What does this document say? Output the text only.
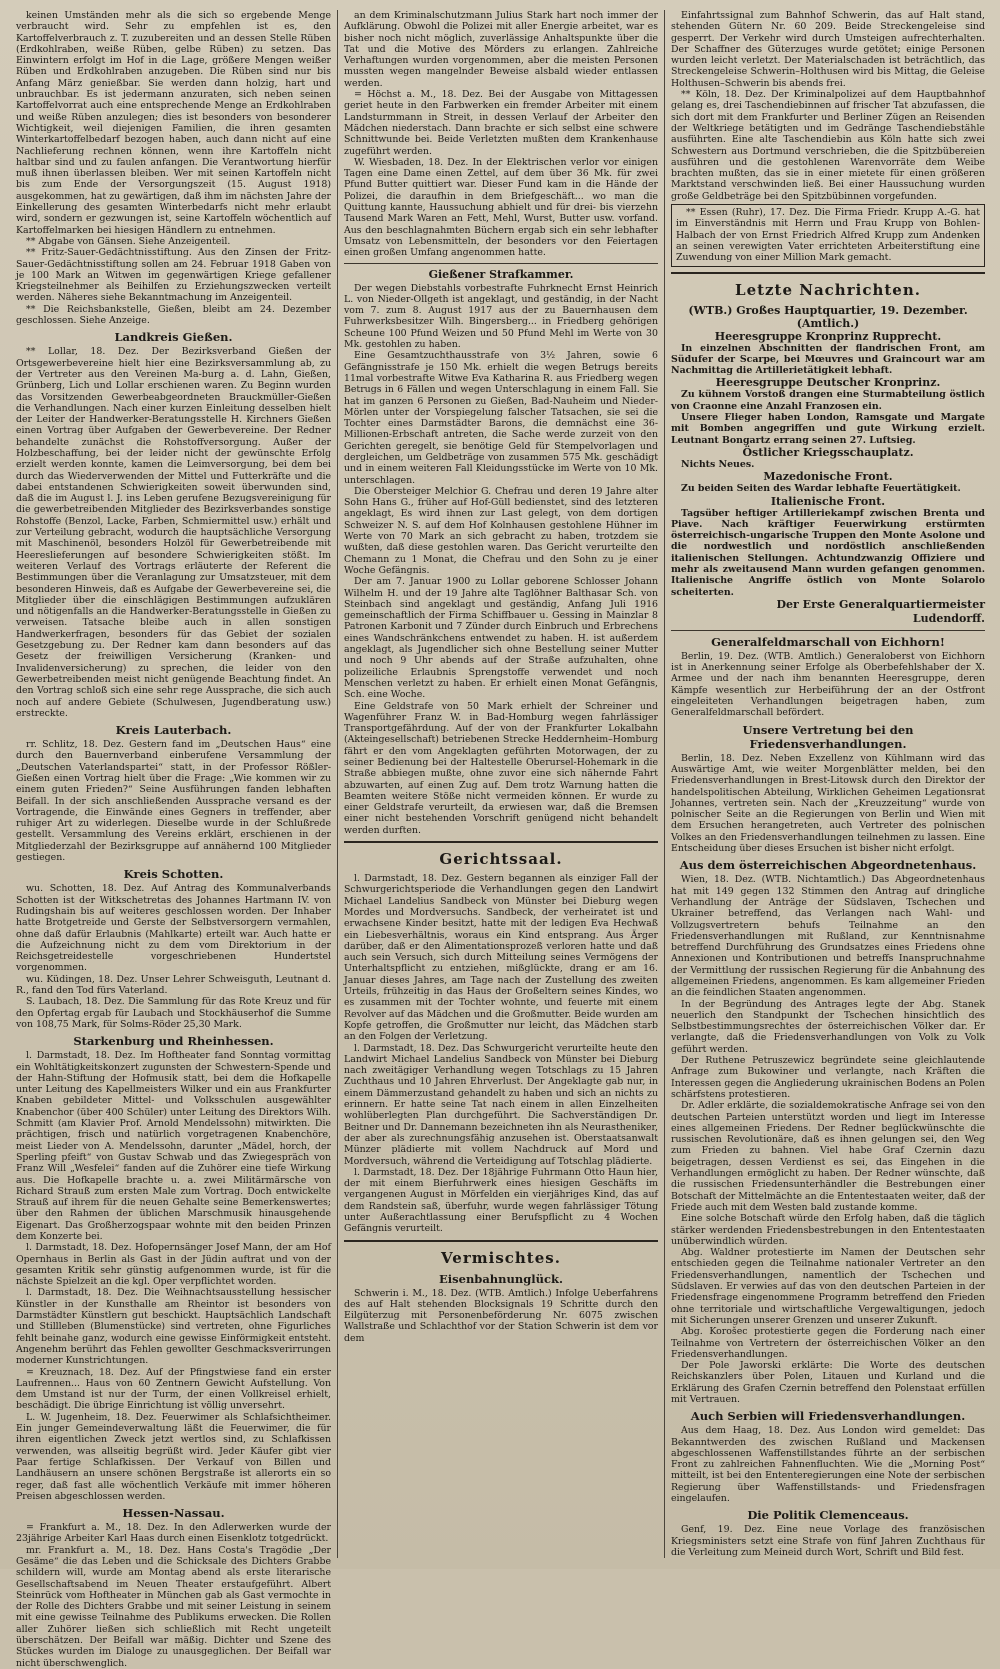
keinen Umständen mehr als die sich so ergebende Menge verbraucht wird. Sehr zu empfehlen ist es, den Kartoffelverbrauch z. T. zuzubereiten und an dessen Stelle Rüben (Erdkohlraben, weiße Rüben, gelbe Rüben) zu setzen. Das Einwintern erfolgt im Hof in die Lage, größere Mengen weißer Rüben und Erdkohlraben anzugeben. Die Rüben sind nur bis Anfang März genießbar. Sie werden dann holzig, hart und unbrauchbar. Es ist jedermann anzuraten, sich neben seinen Kartoffelvorrat auch eine entsprechende Menge an Erdkohlraben und weiße Rüben anzulegen; dies ist besonders von besonderer Wichtigkeit, weil diejenigen Familien, die ihren gesamten Winterkartoffelbedarf bezogen haben, auch dann nicht auf eine Nachlieferung rechnen können, wenn ihre Kartoffeln nicht haltbar sind und zu faulen anfangen. Die Verantwortung hierfür muß ihnen überlassen bleiben. Wer mit seinen Kartoffeln nicht bis zum Ende der Versorgungszeit (15. August 1918) ausgekommen, hat zu gewärtigen, daß ihm im nächsten Jahre der Einkellerung des gesamten Winterbedarfs nicht mehr erlaubt wird, sondern er gezwungen ist, seine Kartoffeln wöchentlich auf Kartoffelmarken bei hiesigen Händlern zu entnehmen.

** Abgabe von Gänsen. Siehe Anzeigenteil.

** Fritz-Sauer-Gedächtnisstiftung. Aus den Zinsen der Fritz-Sauer-Gedächtnisstiftung sollen am 24. Februar 1918 Gaben von je 100 Mark an Witwen im gegenwärtigen Kriege gefallener Kriegsteilnehmer als Beihilfen zu Erziehungszwecken verteilt werden. Näheres siehe Bekanntmachung im Anzeigenteil.

** Die Reichsbankstelle, Gießen, bleibt am 24. Dezember geschlossen. Siehe Anzeige.

Landkreis Gießen.

** Lollar, 18. Dez. Der Bezirksverband Gießen der Ortsgewerbevereine hielt hier eine Bezirksversammlung ab, zu der Vertreter aus den Vereinen Ma-burg a. d. Lahn, Gießen, Grünberg, Lich und Lollar erschienen waren. Zu Beginn wurden das Vorsitzenden Gewerbeabgeordneten Brauckmüller-Gießen die Verhandlungen. Nach einer kurzen Einleitung desselben hielt der Leiter der Handwerker-Beratungsstelle H. Kirchners Gießen einen Vortrag über Aufgaben der Gewerbevereine. Der Redner behandelte zunächst die Rohstoffversorgung. Außer der Holzbeschaffung, bei der leider nicht der gewünschte Erfolg erzielt werden konnte, kamen die Leimversorgung, bei dem bei durch das Wiederverwenden der Mittel und Futterkräfte und die dabei entstandenen Schwierigkeiten soweit überwunden sind, daß die im August l. J. ins Leben gerufene Bezugsvereinigung für die gewerbetreibenden Mitglieder des Bezirksverbandes sonstige Rohstoffe (Benzol, Lacke, Farben, Schmiermittel usw.) erhält und zur Verteilung gebracht, wodurch die hauptsächliche Versorgung mit Maschinenöl, besonders Holzöl für Gewerbetreibende mit Heereslieferungen auf besondere Schwierigkeiten stößt. Im weiteren Verlauf des Vortrags erläuterte der Referent die Bestimmungen über die Veranlagung zur Umsatzsteuer, mit dem besonderen Hinweis, daß es Aufgabe der Gewerbevereine sei, die Mitglieder über die einschlägigen Bestimmungen aufzuklären und nötigenfalls an die Handwerker-Beratungsstelle in Gießen zu verweisen. Tatsache bleibe auch in allen sonstigen Handwerkerfragen, besonders für das Gebiet der sozialen Gesetzgebung zu. Der Redner kam dann besonders auf das Gesetz der freiwilligen Versicherung (Kranken- und Invalidenversicherung) zu sprechen, die leider von den Gewerbetreibenden meist nicht genügende Beachtung findet. An den Vortrag schloß sich eine sehr rege Aussprache, die sich auch noch auf andere Gebiete (Schulwesen, Jugendberatung usw.) erstreckte.

Kreis Lauterbach.

rr. Schlitz, 18. Dez. Gestern fand im „Deutschen Haus“ eine durch den Bauernverband einberufene Versammlung der „Deutschen Vaterlandspartei“ statt, in der Professor Rößler-Gießen einen Vortrag hielt über die Frage: „Wie kommen wir zu einem guten Frieden?“ Seine Ausführungen fanden lebhaften Beifall. In der sich anschließenden Aussprache versand es der Vortragende, die Einwände eines Gegners in treffender, aber ruhiger Art zu widerlegen. Dieselbe wurde in der Schlußrede gestellt. Versammlung des Vereins erklärt, erschienen in der Mitgliederzahl der Bezirksgruppe auf annähernd 100 Mitglieder gestiegen.

Kreis Schotten.

wu. Schotten, 18. Dez. Auf Antrag des Kommunalverbands Schotten ist der Witkschetretas des Johannes Hartmann IV. von Rudingshain bis auf weiteres geschlossen worden. Der Inhaber hatte Brotgetreide und Gerste der Selbstversorgern vermahlen, ohne daß dafür Erlaubnis (Mahlkarte) erteilt war. Auch hatte er die Aufzeichnung nicht zu dem vom Direktorium in der Reichsgetreidestelle vorgeschriebenen Hundertstel vorgenommen.

wu. Küdingen, 18. Dez. Unser Lehrer Schweisguth, Leutnant d. R., fand den Tod fürs Vaterland.

S. Laubach, 18. Dez. Die Sammlung für das Rote Kreuz und für den Opfertag ergab für Laubach und Stockhäuserhof die Summe von 108,75 Mark, für Solms-Röder 25,30 Mark.

Starkenburg und Rheinhessen.

l. Darmstadt, 18. Dez. Im Hoftheater fand Sonntag vormittag ein Wohltätigkeitskonzert zugunsten der Schwestern-Spende und der Hahn-Stiftung der Hofmusik statt, bei dem die Hofkapelle unter Leitung des Kapellmeisters Wilker und ein aus Frankfurter Knaben gebildeter Mittel- und Volksschulen ausgewählter Knabenchor (über 400 Schüler) unter Leitung des Direktors Wilh. Schmitt (am Klavier Prof. Arnold Mendelssohn) mitwirkten. Die prächtigen, frisch und natürlich vorgetragenen Knabenchöre, meist Lieder von A. Mendelssohn, darunter „Mädel, horch, der Sperling pfeift“ von Gustav Schwab und das Zwiegespräch von Franz Will „Wesfelei“ fanden auf die Zuhörer eine tiefe Wirkung aus. Die Hofkapelle brachte u. a. zwei Militärmärsche von Richard Strauß zum ersten Male zum Vortrag. Doch entwickelte Strauß auf ihrem für die neuen Gehalte seine Bemerkenswertes; über den Rahmen der üblichen Marschmusik hinausgehende Eigenart. Das Großherzogspaar wohnte mit den beiden Prinzen dem Konzerte bei.

l. Darmstadt, 18. Dez. Hofopernsänger Josef Mann, der am Hof Opernhaus in Berlin als Gast in der Jüdin auftrat und von der gesamten Kritik sehr günstig aufgenommen wurde, ist für die nächste Spielzeit an die kgl. Oper verpflichtet worden.

l. Darmstadt, 18. Dez. Die Weihnachtsausstellung hessischer Künstler in der Kunsthalle am Rheintor ist besonders von Darmstädter Künstlern gut beschickt. Hauptsächlich Landschaft und Stillleben (Blumenstücke) sind vertreten, ohne Figurliches fehlt beinahe ganz, wodurch eine gewisse Einförmigkeit entsteht. Angenehm berührt das Fehlen gewollter Geschmacksverirrungen moderner Kunstrichtungen.

= Kreuznach, 18. Dez. Auf der Pfingstwiese fand ein erster Laufrennen... Haus von 60 Zentnern Gewicht Aufstellung. Von dem Umstand ist nur der Turm, der einen Vollkreisel erhielt, beschädigt. Die übrige Einrichtung ist völlig unversehrt.

L. W. Jugenheim, 18. Dez. Feuerwimer als Schlafsichtheimer. Ein junger Gemeindeverwaltung läßt die Feuerwimer, die für ihren eigentlichen Zweck jetzt wertlos sind, zu Schlafkissen verwenden, was allseitig begrüßt wird. Jeder Käufer gibt vier Paar fertige Schlafkissen. Der Verkauf von Billen und Landhäusern an unsere schönen Bergstraße ist allerorts ein so reger, daß fast alle wöchentlich Verkäufe mit immer höheren Preisen abgeschlossen werden.

Hessen-Nassau.

= Frankfurt a. M., 18. Dez. In den Adlerwerken wurde der 23jährige Arbeiter Karl Haas durch einen Eisenklotz totgedrückt.

mr. Frankfurt a. M., 18. Dez. Hans Costa's Tragödie „Der Gesäme“ die das Leben und die Schicksale des Dichters Grabbe schildern will, wurde am Montag abend als erste literarische Gesellschaftsabend im Neuen Theater erstaufgeführt. Albert Steinrück vom Hoftheater in München gab als Gast vermochte in der Rolle des Dichters Grabbe und mit seiner Leistung in seinem mit eine gewisse Teilnahme des Publikums erwecken. Die Rollen aller Zuhörer ließen sich schließlich mit Recht ungeteilt überschätzen. Der Beifall war mäßig. Dichter und Szene des Stückes wurden im Dialoge zu unausgeglichen. Der Beifall war nicht überschwenglich.

an dem Kriminalschutzmann Julius Stark hart noch immer der Aufklärung. Obwohl die Polizei mit aller Energie arbeitet, war es bisher noch nicht möglich, zuverlässige Anhaltspunkte über die Tat und die Motive des Mörders zu erlangen. Zahlreiche Verhaftungen wurden vorgenommen, aber die meisten Personen mussten wegen mangelnder Beweise alsbald wieder entlassen werden.

= Höchst a. M., 18. Dez. Bei der Ausgabe von Mittagessen geriet heute in den Farbwerken ein fremder Arbeiter mit einem Landsturmmann in Streit, in dessen Verlauf der Arbeiter den Mädchen niederstach. Dann brachte er sich selbst eine schwere Schnittwunde bei. Beide Verletzten mußten dem Krankenhause zugeführt werden.

W. Wiesbaden, 18. Dez. In der Elektrischen verlor vor einigen Tagen eine Dame einen Zettel, auf dem über 36 Mk. für zwei Pfund Butter quittiert war. Dieser Fund kam in die Hände der Polizei, die daraufhin in dem Briefgeschäft... wo man die Quittung kannte, Haussuchung abhielt und für drei- bis vierzehn Tausend Mark Waren an Fett, Mehl, Wurst, Butter usw. vorfand. Aus den beschlagnahmten Büchern ergab sich ein sehr lebhafter Umsatz von Lebensmitteln, der besonders vor den Feiertagen einen großen Umfang angenommen hatte.

Gießener Strafkammer.

Der wegen Diebstahls vorbestrafte Fuhrknecht Ernst Heinrich L. von Nieder-Ollgeth ist angeklagt, und geständig, in der Nacht vom 7. zum 8. August 1917 aus der zu Bauernhausen dem Fuhrwerksbesitzer Wilh. Bingersberg... in Friedberg gehörigen Scheune 100 Pfund Weizen und 50 Pfund Mehl im Werte von 30 Mk. gestohlen zu haben.

Eine Gesamtzuchthausstrafe von 3½ Jahren, sowie 6 Gefängnisstrafe je 150 Mk. erhielt die wegen Betrugs bereits 11mal vorbestrafte Witwe Eva Katharina R. aus Friedberg wegen Betrugs in 6 Fällen und wegen Unterschlagung in einem Fall. Sie hat im ganzen 6 Personen zu Gießen, Bad-Nauheim und Nieder-Mörlen unter der Vorspiegelung falscher Tatsachen, sie sei die Tochter eines Darmstädter Barons, die demnächst eine 36-Millionen-Erbschaft antreten, die Sache werde zurzeit von den Gerichten geregelt, sie benötige Geld für Stempelvorlagen und dergleichen, um Geldbeträge von zusammen 575 Mk. geschädigt und in einem weiteren Fall Kleidungsstücke im Werte von 10 Mk. unterschlagen.

Die Obersteiger Melchior G. Chefrau und deren 19 Jahre alter Sohn Hans G., früher auf Hof-Güll bedienstet, sind des letzteren angeklagt, Es wird ihnen zur Last gelegt, von dem dortigen Schweizer N. S. auf dem Hof Kolnhausen gestohlene Hühner im Werte von 70 Mark an sich gebracht zu haben, trotzdem sie wußten, daß diese gestohlen waren. Das Gericht verurteilte den Chemann zu 1 Monat, die Chefrau und den Sohn zu je einer Woche Gefängnis.

Der am 7. Januar 1900 zu Lollar geborene Schlosser Johann Wilhelm H. und der 19 Jahre alte Taglöhner Balthasar Sch. von Steinbach sind angeklagt und geständig, Anfang Juli 1916 gemeinschaftlich der Firma Schiffbauer u. Gessing in Mainzlar 8 Patronen Karbonit und 7 Zünder durch Einbruch und Erbrechens eines Wandschränkchens entwendet zu haben. H. ist außerdem angeklagt, als Jugendlicher sich ohne Bestellung seiner Mutter und noch 9 Uhr abends auf der Straße aufzuhalten, ohne polizeiliche Erlaubnis Sprengstoffe verwendet und noch Menschen verletzt zu haben. Er erhielt einen Monat Gefängnis, Sch. eine Woche.

Eine Geldstrafe von 50 Mark erhielt der Schreiner und Wagenführer Franz W. in Bad-Homburg wegen fahrlässiger Transportgefährdung. Auf der von der Frankfurter Lokalbahn (Akteingesellschaft) betriebenen Strecke Heddernheim–Homburg fährt er den vom Angeklagten geführten Motorwagen, der zu seiner Bedienung bei der Haltestelle Oberursel-Hohemark in die Straße abbiegen mußte, ohne zuvor eine sich nähernde Fahrt abzuwarten, auf einen Zug auf. Dem trotz Warnung hatten die Beamten weitere Stöße nicht vermeiden können. Er wurde zu einer Geldstrafe verurteilt, da erwiesen war, daß die Bremsen einer nicht bestehenden Vorschrift genügend nicht behandelt werden durften.

Gerichtssaal.

l. Darmstadt, 18. Dez. Gestern begannen als einziger Fall der Schwurgerichtsperiode die Verhandlungen gegen den Landwirt Michael Landelius Sandbeck von Münster bei Dieburg wegen Mordes und Mordversuchs. Sandbeck, der verheiratet ist und erwachsene Kinder besitzt, hatte mit der ledigen Eva Hechwaß ein Liebesverhältnis, woraus ein Kind entsprang. Aus Ärger darüber, daß er den Alimentationsprozeß verloren hatte und daß auch sein Versuch, sich durch Mitteilung seines Vermögens der Unterhaltspflicht zu entziehen, mißglückte, drang er am 16. Januar dieses Jahres, am Tage nach der Zustellung des zweiten Urteils, frühzeitig in das Haus der Großeltern seines Kindes, wo es zusammen mit der Tochter wohnte, und feuerte mit einem Revolver auf das Mädchen und die Großmutter. Beide wurden am Kopfe getroffen, die Großmutter nur leicht, das Mädchen starb an den Folgen der Verletzung.

l. Darmstadt, 18. Dez. Das Schwurgericht verurteilte heute den Landwirt Michael Landelius Sandbeck von Münster bei Dieburg nach zweitägiger Verhandlung wegen Totschlags zu 15 Jahren Zuchthaus und 10 Jahren Ehrverlust. Der Angeklagte gab nur, in einem Dämmerzustand gehandelt zu haben und sich an nichts zu erinnern. Er hatte seine Tat nach einem in allen Einzelheiten wohlüberlegten Plan durchgeführt. Die Sachverständigen Dr. Beitner und Dr. Dannemann bezeichneten ihn als Neurastheniker, der aber als zurechnungsfähig anzusehen ist. Oberstaatsanwalt Münzer plädierte mit vollem Nachdruck auf Mord und Mordversuch, während die Verteidigung auf Totschlag plädierte.

l. Darmstadt, 18. Dez. Der 18jährige Fuhrmann Otto Haun hier, der mit einem Bierfuhrwerk eines hiesigen Geschäfts im vergangenen August in Mörfelden ein vierjähriges Kind, das auf dem Randstein saß, überfuhr, wurde wegen fahrlässiger Tötung unter Außerachtlassung einer Berufspflicht zu 4 Wochen Gefängnis verurteilt.

Vermischtes.
Eisenbahnunglück.

Schwerin i. M., 18. Dez. (WTB. Amtlich.) Infolge Ueberfahrens des auf Halt stehenden Blocksignals 19 Schritte durch den Eilgüterzug mit Personenbeförderung Nr. 6075 zwischen Wallstraße und Schlachthof vor der Station Schwerin ist dem vor dem

Einfahrtssignal zum Bahnhof Schwerin, das auf Halt stand, stehenden Gütern Nr. 60 209. Beide Streckengeleise sind gesperrt. Der Verkehr wird durch Umsteigen aufrechterhalten. Der Schaffner des Güterzuges wurde getötet; einige Personen wurden leicht verletzt. Der Materialschaden ist beträchtlich, das Streckengeleise Schwerin–Holthusen wird bis Mittag, die Geleise Holthusen–Schwerin bis abends frei.

** Köln, 18. Dez. Der Kriminalpolizei auf dem Hauptbahnhof gelang es, drei Taschendiebinnen auf frischer Tat abzufassen, die sich dort mit dem Frankfurter und Berliner Zügen an Reisenden der Weltkriege betätigten und im Gedränge Taschendiebstähle ausführten. Eine alte Taschendiebin aus Köln hatte sich zwei Schwestern aus Dortmund verschrieben, die die Spitzbübereien ausführen und die gestohlenen Warenvorräte dem Weibe brachten mußten, das sie in einer mietete für einen größeren Marktstand verschwinden ließ. Bei einer Haussuchung wurden große Geldbeträge bei den Spitzbübinnen vorgefunden.

** Essen (Ruhr), 17. Dez. Die Firma Friedr. Krupp A.-G. hat im Einverständnis mit Herrn und Frau Krupp von Bohlen-Halbach der von Ernst Friedrich Alfred Krupp zum Andenken an seinen verewigten Vater errichteten Arbeiterstiftung eine Zuwendung von einer Million Mark gemacht.

Letzte Nachrichten.

(WTB.) Großes Hauptquartier, 19. Dezember. (Amtlich.)

Heeresgruppe Kronprinz Rupprecht.

In einzelnen Abschnitten der flandrischen Front, am Südufer der Scarpe, bei Mœuvres und Graincourt war am Nachmittag die Artillerietätigkeit lebhaft.

Heeresgruppe Deutscher Kronprinz.

Zu kühnem Vorstoß drangen eine Sturmabteilung östlich von Craonne eine Anzahl Franzosen ein.

Unsere Flieger haben London, Ramsgate und Margate mit Bomben angegriffen und gute Wirkung erzielt. Leutnant Bongartz errang seinen 27. Luftsieg.

Östlicher Kriegsschauplatz.

Nichts Neues.

Mazedonische Front.

Zu beiden Seiten des Wardar lebhafte Feuertätigkeit.

Italienische Front.

Tagsüber heftiger Artilleriekampf zwischen Brenta und Piave. Nach kräftiger Feuerwirkung erstürmten österreichisch-ungarische Truppen den Monte Asolone und die nordwestlich und nordöstlich anschließenden italienischen Stellungen. Achtundzwanzig Offiziere und mehr als zweitausend Mann wurden gefangen genommen. Italienische Angriffe östlich von Monte Solarolo scheiterten.

Der Erste Generalquartiermeister
Ludendorff.
Generalfeldmarschall von Eichhorn!

Berlin, 19. Dez. (WTB. Amtlich.) Generaloberst von Eichhorn ist in Anerkennung seiner Erfolge als Oberbefehlshaber der X. Armee und der nach ihm benannten Heeresgruppe, deren Kämpfe wesentlich zur Herbeiführung der an der Ostfront eingeleiteten Verhandlungen beigetragen haben, zum Generalfeldmarschall befördert.

Unsere Vertretung bei den Friedensverhandlungen.

Berlin, 18. Dez. Neben Exzellenz von Kühlmann wird das Auswärtige Amt, wie weiter Morgenblätter melden, bei den Friedensverhandlungen in Brest-Litowsk durch den Direktor der handelspolitischen Abteilung, Wirklichen Geheimen Legationsrat Johannes, vertreten sein. Nach der „Kreuzzeitung“ wurde von polnischer Seite an die Regierungen von Berlin und Wien mit dem Ersuchen herangetreten, auch Vertreter des polnischen Volkes an den Friedensverhandlungen teilnehmen zu lassen. Eine Entscheidung über dieses Ersuchen ist bisher nicht erfolgt.

Aus dem österreichischen Abgeordnetenhaus.

Wien, 18. Dez. (WTB. Nichtamtlich.) Das Abgeordnetenhaus hat mit 149 gegen 132 Stimmen den Antrag auf dringliche Verhandlung der Anträge der Südslaven, Tschechen und Ukrainer betreffend, das Verlangen nach Wahl- und Vollzugsvertretern behufs Teilnahme an den Friedensverhandlungen mit Rußland, zur Kenntnisnahme betreffend Durchführung des Grundsatzes eines Friedens ohne Annexionen und Kontributionen und betreffs Inanspruchnahme der Vermittlung der russischen Regierung für die Anbahnung des allgemeinen Friedens, angenommen. Es kam allgemeiner Frieden an die feindlichen Staaten angenommen.

In der Begründung des Antrages legte der Abg. Stanek neuerlich den Standpunkt der Tschechen hinsichtlich des Selbstbestimmungsrechtes der österreichischen Völker dar. Er verlangte, daß die Friedensverhandlungen von Volk zu Volk geführt werden.

Der Ruthene Petruszewicz begründete seine gleichlautende Anfrage zum Bukowiner und verlangte, nach Kräften die Interessen gegen die Angliederung ukrainischen Bodens an Polen schärfstens protestieren.

Dr. Adler erklärte, die sozialdemokratische Anfrage sei von den deutschen Parteien unterstützt worden und liegt im Interesse eines allgemeinen Friedens. Der Redner beglückwünschte die russischen Revolutionäre, daß es ihnen gelungen sei, den Weg zum Frieden zu bahnen. Viel habe Graf Czernin dazu beigetragen, dessen Verdienst es sei, das Eingehen in die Verhandlungen ermöglicht zu haben. Der Redner wünschte, daß die russischen Friedensunterhändler die Bestrebungen einer Botschaft der Mittelmächte an die Ententestaaten weiter, daß der Friede auch mit dem Westen bald zustande komme.

Eine solche Botschaft würde den Erfolg haben, daß die täglich stärker werdenden Friedensbestrebungen in den Ententestaaten unüberwindlich würden.

Abg. Waldner protestierte im Namen der Deutschen sehr entschieden gegen die Teilnahme nationaler Vertreter an den Friedensverhandlungen, namentlich der Tschechen und Südslaven. Er verwies auf das von den deutschen Parteien in der Friedensfrage eingenommene Programm betreffend den Frieden ohne territoriale und wirtschaftliche Vergewaltigungen, jedoch mit Sicherungen unserer Grenzen und unserer Zukunft.

Abg. Korošec protestierte gegen die Forderung nach einer Teilnahme von Vertretern der österreichischen Völker an den Friedensverhandlungen.

Der Pole Jaworski erklärte: Die Worte des deutschen Reichskanzlers über Polen, Litauen und Kurland und die Erklärung des Grafen Czernin betreffend den Polenstaat erfüllen mit Vertrauen.

Auch Serbien will Friedensverhandlungen.

Aus dem Haag, 18. Dez. Aus London wird gemeldet: Das Bekanntwerden des zwischen Rußland und Mackensen abgeschlossenen Waffenstillstandes führte an der serbischen Front zu zahlreichen Fahnenfluchten. Wie die „Morning Post“ mitteilt, ist bei den Ententeregierungen eine Note der serbischen Regierung über Waffenstillstands- und Friedensfragen eingelaufen.

Die Politik Clemenceaus.

Genf, 19. Dez. Eine neue Vorlage des französischen Kriegsministers setzt eine Strafe von fünf Jahren Zuchthaus für die Verleitung zum Meineid durch Wort, Schrift und Bild fest.
